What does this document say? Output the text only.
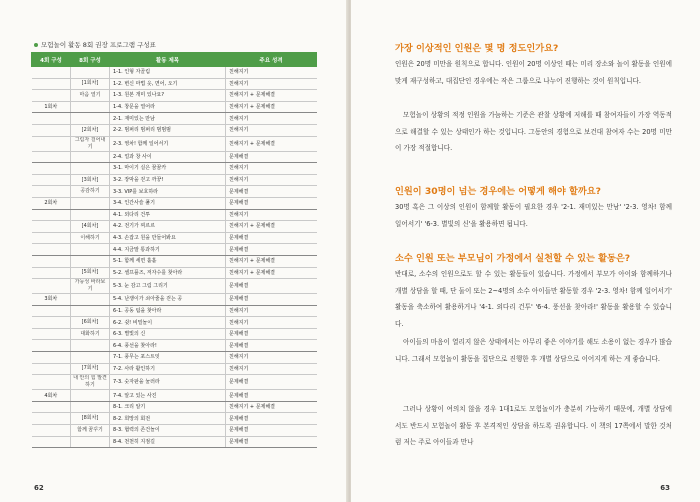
모험놀이 활동 8회 권장 프로그램 구성표
4회 구성	8회 구성	활동 제목	주요 성격
		1-1. 인형 자골림	친해지기
	[1회차]	1-2. 변신 마법 옷, 면어, 오기	친해지기
	마음 열기	1-3. 원본 개미 있나요?	친해지기 + 문제해결
1회차		1-4. 창문을 열어라	친해지기 + 문제해결
		2-1. 재미있는 만남	친해지기
	[2회차]	2-2. 범퍼리 범퍼리 범범범	친해지기
	그림자 걸어내기	2-3. 영차! 함께 일어서기	친해지기 + 문제해결
		2-4. 얼과 창 사이	문제해결
		3-1. 마이기 실은 꿈꿈카	친해지기
	[3회차]	3-2. 장막을 걷고 까꿍!	친해지기
	공감하기	3-3. VIP를 보호하라	문제해결
2회차		3-4. 인간사슬 풀기	문제해결
		4-1. 외다리 건투	친해지기
	[4회차]	4-2. 전기가 찌르르	친해지기 + 문제해결
	이해하기	4-3. 손잡고 원을 만들어봐요	문제해결
		4-4. 지금말 통과하기	문제해결
		5-1. 함께 세면 훌훌	친해지기 + 문제해결
	[5회차]	5-2. 셀프플즈, 저자수를 찾아라	친해지기 + 문제해결
	가능성 바라보기	5-3. 눈 감고 그림 그리기	문제해결
3회차		5-4. 난쟁이가 쇠아줄을 걷는 공	문제해결
		6-1. 공동 팀을 찾아라	친해지기
	[6회차]	6-2. 쉿! 비밀놀이	친해지기
	대화하기	6-3. 별빛의 신	문제해결
		6-4. 풍선을 찾아라!	문제해결
		7-1. 풍무는 포스트잇	친해지기
	[7회차]	7-2. 사라 활인하기	친해지기
	내 안의 힘 발견하기	7-3. 숫자판을 눌러라	문제해결
4회차		7-4. 알고 있는 사진	문제해결
		8-1. 크리 알기	친해지기 + 문제해결
	[8회차]	8-2. 희망의 회전	문제해결
	함께 꿈꾸기	8-3. 협력의 존건놀이	문제해결
		8-4. 천천히 지점길	문제해결
62
가장 이상적인 인원은 몇 명 정도인가요?
인원은 20명 미만을 원칙으로 합니다. 인원이 20명 이상인 때는 미리 장소와 놀이 활동을 인원에 맞게 재구성하고, 대집단인 경우에는 작은 그룹으로 나누어 진행하는 것이 원칙입니다.
모험놀이 상황의 적정 인원을 가늠하는 기준은 관찰 상황에 저해를 때 참여자들이 가장 역동적으로 해결할 수 있는 상태인가 하는 것입니다. 그동안의 경험으로 보건대 참여자 수는 20명 미만이 가장 적절합니다.
인원이 30명이 넘는 경우에는 어떻게 해야 할까요?
30명 혹은 그 이상의 인원이 함께할 활동이 필요한 경우 '2-1. 재미있는 만남' '2-3. 영차! 함께 일어서기' '6-3. 별빛의 신'을 활용하면 됩니다.
소수 인원 또는 부모님이 가정에서 실천할 수 있는 활동은?
반대로, 소수의 인원으로도 할 수 있는 활동들이 있습니다. 가정에서 부모가 아이와 함께하거나 개별 상담을 할 때, 단 둘이 또는 2~4명의 소수 아이들만 활동할 경우 '2-3. 영차! 함께 일어서기' 활동을 축소하여 활용하거나 '4-1. 외다리 건투' '6-4. 풍선을 찾아라!' 활동을 활용할 수 있습니다.
아이들의 마음이 열리지 않은 상태에서는 아무리 좋은 이야기를 해도 소용이 없는 경우가 많습니다. 그래서 모험놀이 활동을 집단으로 진행한 후 개별 상담으로 이어지게 하는 게 좋습니다.
그러나 상황이 여의치 않을 경우 1대1로도 모험놀이가 충분히 가능하기 때문에, 개별 상담에서도 반드시 모험놀이 활동 후 본격적인 상담을 하도록 권유합니다. 이 책의 17쪽에서 말한 것처럼 저는 주로 아이들과 만나
63
